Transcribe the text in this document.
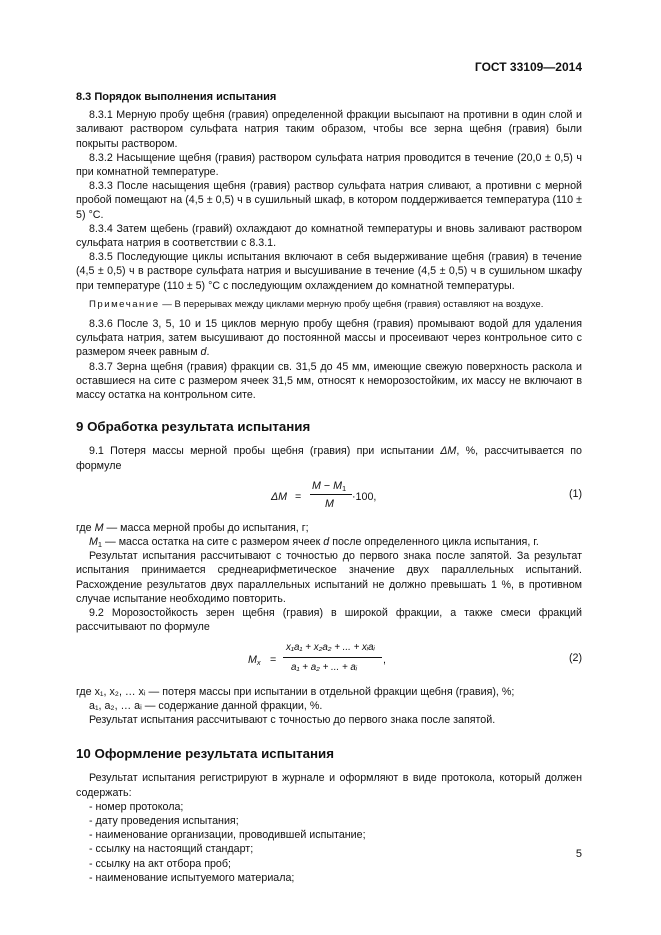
ГОСТ 33109—2014
8.3 Порядок выполнения испытания

8.3.1 Мерную пробу щебня (гравия) определенной фракции высыпают на противни в один слой и заливают раствором сульфата натрия таким образом, чтобы все зерна щебня (гравия) были покрыты раствором.

8.3.2 Насыщение щебня (гравия) раствором сульфата натрия проводится в течение (20,0 ± 0,5) ч при комнатной температуре.

8.3.3 После насыщения щебня (гравия) раствор сульфата натрия сливают, а противни с мерной пробой помещают на (4,5 ± 0,5) ч в сушильный шкаф, в котором поддерживается температура (110 ± 5) °С.

8.3.4 Затем щебень (гравий) охлаждают до комнатной температуры и вновь заливают раствором сульфата натрия в соответствии с 8.3.1.

8.3.5 Последующие циклы испытания включают в себя выдерживание щебня (гравия) в течение (4,5 ± 0,5) ч в растворе сульфата натрия и высушивание в течение (4,5 ± 0,5) ч в сушильном шкафу при температуре (110 ± 5) °С с последующим охлаждением до комнатной температуры.

Примечание — В перерывах между циклами мерную пробу щебня (гравия) оставляют на воздухе.

8.3.6 После 3, 5, 10 и 15 циклов мерную пробу щебня (гравия) промывают водой для удаления сульфата натрия, затем высушивают до постоянной массы и просеивают через контрольное сито с размером ячеек равным d.

8.3.7 Зерна щебня (гравия) фракции св. 31,5 до 45 мм, имеющие свежую поверхность раскола и оставшиеся на сите с размером ячеек 31,5 мм, относят к неморозостойким, их массу не включают в массу остатка на контрольном сите.

9 Обработка результата испытания

9.1 Потеря массы мерной пробы щебня (гравия) при испытании ΔM, %, рассчитывается по формуле

ΔM =
$M - M_1$
M
·100,	(1)
где M — масса мерной пробы до испытания, г;
$M_1$ — масса остатка на сите с размером ячеек d после определенного цикла испытания, г.

Результат испытания рассчитывают с точностью до первого знака после запятой. За результат испытания принимается среднеарифметическое значение двух параллельных испытаний. Расхождение результатов двух параллельных испытаний не должно превышать 1 %, в противном случае испытание необходимо повторить.

9.2 Морозостойкость зерен щебня (гравия) в широкой фракции, а также смеси фракций рассчитывают по формуле

$M_x$ =
x₁a₁ + x₂a₂ + ... + xᵢaᵢ
a₁ + a₂ + ... + aᵢ
,	(2)
где x₁, x₂, … xᵢ — потеря массы при испытании в отдельной фракции щебня (гравия), %;
a₁, a₂, … aᵢ — содержание данной фракции, %.

Результат испытания рассчитывают с точностью до первого знака после запятой.

10 Оформление результата испытания

Результат испытания регистрируют в журнале и оформляют в виде протокола, который должен содержать:

- номер протокола;
- дату проведения испытания;
- наименование организации, проводившей испытание;
- ссылку на настоящий стандарт;
- ссылку на акт отбора проб;
- наименование испытуемого материала;
5
